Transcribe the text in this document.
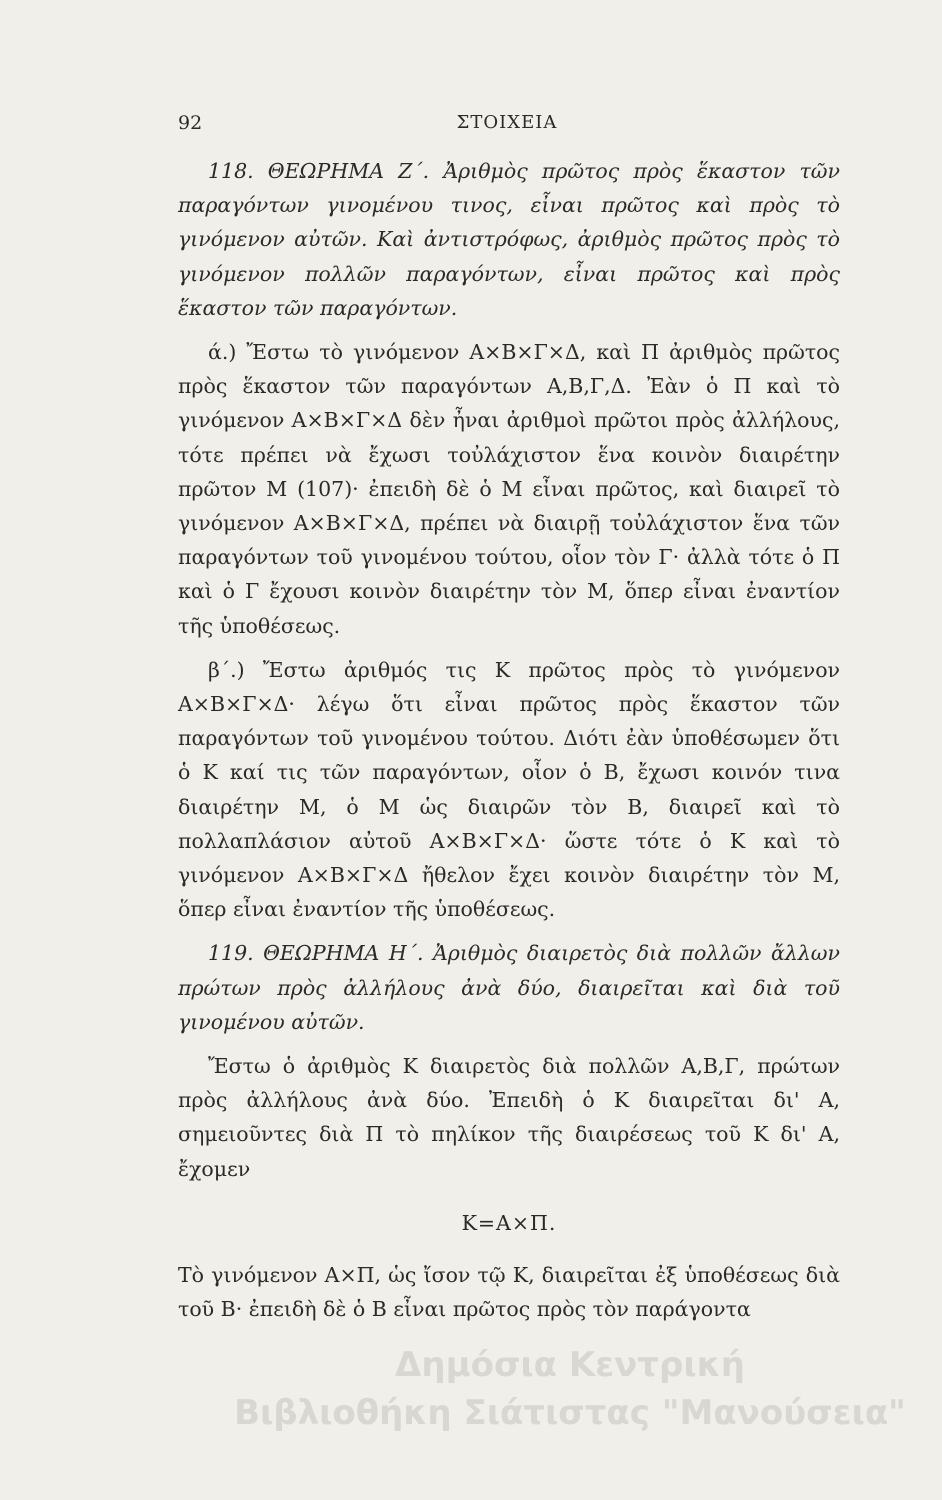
92	ΣΤΟΙΧΕΙΑ

118. ΘΕΩΡΗΜΑ Ζ΄. Ἀριθμὸς πρῶτος πρὸς ἕκαστον τῶν παραγόντων γινομένου τινος, εἶναι πρῶτος καὶ πρὸς τὸ γινόμενον αὐτῶν. Καὶ ἀντιστρόφως, ἀριθμὸς πρῶτος πρὸς τὸ γινόμενον πολλῶν παραγόντων, εἶναι πρῶτος καὶ πρὸς ἕκαστον τῶν παραγόντων.

ά.) Ἔστω τὸ γινόμενον Α×Β×Γ×Δ, καὶ Π ἀριθμὸς πρῶτος πρὸς ἕκαστον τῶν παραγόντων Α,Β,Γ,Δ. Ἐὰν ὁ Π καὶ τὸ γινόμενον Α×Β×Γ×Δ δὲν ἦναι ἀριθμοὶ πρῶτοι πρὸς ἀλλήλους, τότε πρέπει νὰ ἔχωσι τοὐλάχιστον ἕνα κοινὸν διαιρέτην πρῶτον Μ (107)· ἐπειδὴ δὲ ὁ Μ εἶναι πρῶτος, καὶ διαιρεῖ τὸ γινόμενον Α×Β×Γ×Δ, πρέπει νὰ διαιρῇ τοὐλάχιστον ἕνα τῶν παραγόντων τοῦ γινομένου τούτου, οἷον τὸν Γ· ἀλλὰ τότε ὁ Π καὶ ὁ Γ ἔχουσι κοινὸν διαιρέτην τὸν Μ, ὅπερ εἶναι ἐναντίον τῆς ὑποθέσεως.

β΄.) Ἔστω ἀριθμός τις Κ πρῶτος πρὸς τὸ γινόμενον Α×Β×Γ×Δ· λέγω ὅτι εἶναι πρῶτος πρὸς ἕκαστον τῶν παραγόντων τοῦ γινομένου τούτου. Διότι ἐὰν ὑποθέσωμεν ὅτι ὁ Κ καί τις τῶν παραγόντων, οἷον ὁ Β, ἔχωσι κοινόν τινα διαιρέτην Μ, ὁ Μ ὡς διαιρῶν τὸν Β, διαιρεῖ καὶ τὸ πολλαπλάσιον αὐτοῦ Α×Β×Γ×Δ· ὥστε τότε ὁ Κ καὶ τὸ γινόμενον Α×Β×Γ×Δ ἤθελον ἔχει κοινὸν διαιρέτην τὸν Μ, ὅπερ εἶναι ἐναντίον τῆς ὑποθέσεως.

119. ΘΕΩΡΗΜΑ Η΄. Ἀριθμὸς διαιρετὸς διὰ πολλῶν ἄλλων πρώτων πρὸς ἀλλήλους ἀνὰ δύο, διαιρεῖται καὶ διὰ τοῦ γινομένου αὐτῶν.

Ἔστω ὁ ἀριθμὸς Κ διαιρετὸς διὰ πολλῶν Α,Β,Γ, πρώτων πρὸς ἀλλήλους ἀνὰ δύο. Ἐπειδὴ ὁ Κ διαιρεῖται δι' Α, σημειοῦντες διὰ Π τὸ πηλίκον τῆς διαιρέσεως τοῦ Κ δι' Α, ἔχομεν

Κ=Α×Π.

Τὸ γινόμενον Α×Π, ὡς ἴσον τῷ Κ, διαιρεῖται ἐξ ὑποθέσεως διὰ τοῦ Β· ἐπειδὴ δὲ ὁ Β εἶναι πρῶτος πρὸς τὸν παράγοντα

Δημόσια Κεντρική
Βιβλιοθήκη Σιάτιστας "Μανούσεια"
